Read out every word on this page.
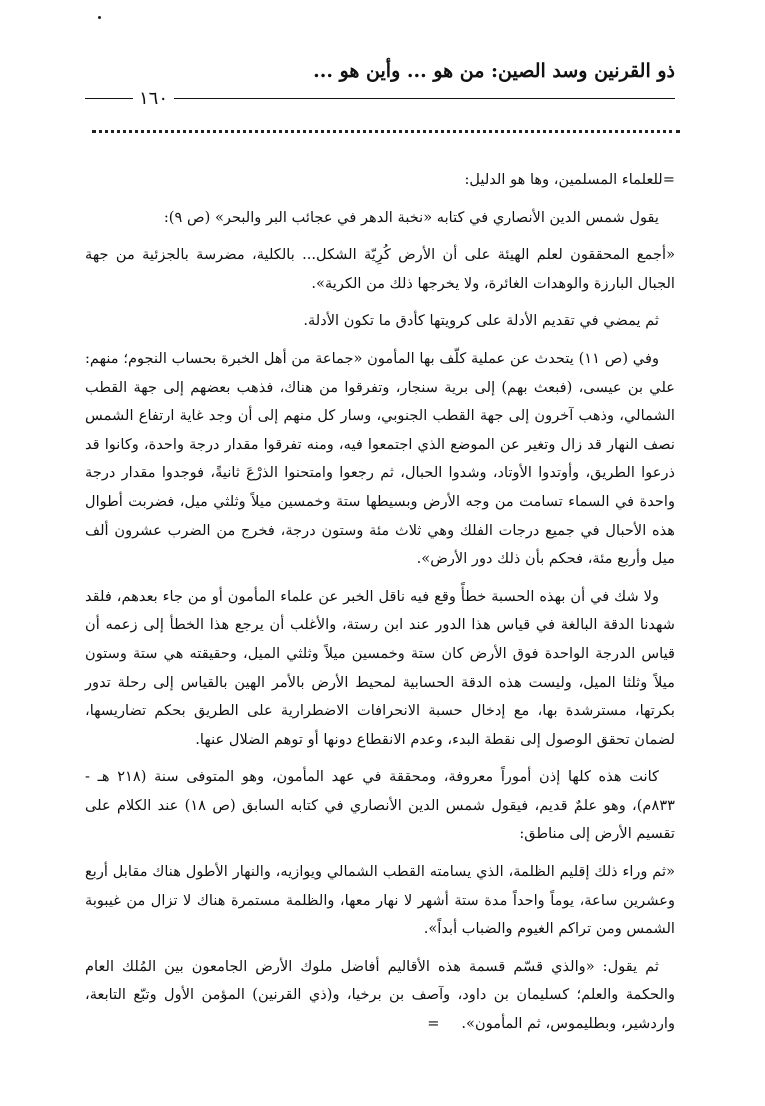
ذو القرنين وسد الصين: من هو ... وأين هو ...
١٦٠

=للعلماء المسلمين، وها هو الدليل:

يقول شمس الدين الأنصاري في كتابه «نخبة الدهر في عجائب البر والبحر» (ص ٩):

«أجمع المحققون لعلم الهيئة على أن الأرض كُرِيّة الشكل... بالكلية، مضرسة بالجزئية من جهة الجبال البارزة والوهدات الغائرة، ولا يخرجها ذلك من الكرية».

ثم يمضي في تقديم الأدلة على كرويتها كأدق ما تكون الأدلة.

وفي (ص ١١) يتحدث عن عملية كلّف بها المأمون «جماعة من أهل الخبرة بحساب النجوم؛ منهم: علي بن عيسى، (فبعث بهم) إلى برية سنجار، وتفرقوا من هناك، فذهب بعضهم إلى جهة القطب الشمالي، وذهب آخرون إلى جهة القطب الجنوبي، وسار كل منهم إلى أن وجد غاية ارتفاع الشمس نصف النهار قد زال وتغير عن الموضع الذي اجتمعوا فيه، ومنه تفرقوا مقدار درجة واحدة، وكانوا قد ذرعوا الطريق، وأوتدوا الأوتاد، وشدوا الحبال، ثم رجعوا وامتحنوا الذرْعَ ثانيةً، فوجدوا مقدار درجة واحدة في السماء تسامت من وجه الأرض وبسيطها ستة وخمسين ميلاً وثلثي ميل، فضربت أطوال هذه الأحبال في جميع درجات الفلك وهي ثلاث مئة وستون درجة، فخرج من الضرب عشرون ألف ميل وأربع مئة، فحكم بأن ذلك دور الأرض».

ولا شك في أن بهذه الحسبة خطأً وقع فيه ناقل الخبر عن علماء المأمون أو من جاء بعدهم، فلقد شهدنا الدقة البالغة في قياس هذا الدور عند ابن رستة، والأغلب أن يرجع هذا الخطأ إلى زعمه أن قياس الدرجة الواحدة فوق الأرض كان ستة وخمسين ميلاً وثلثي الميل، وحقيقته هي ستة وستون ميلاً وثلثا الميل، وليست هذه الدقة الحسابية لمحيط الأرض بالأمر الهين بالقياس إلى رحلة تدور بكرتها، مسترشدة بها، مع إدخال حسبة الانحرافات الاضطرارية على الطريق بحكم تضاريسها، لضمان تحقق الوصول إلى نقطة البدء، وعدم الانقطاع دونها أو توهم الضلال عنها.

كانت هذه كلها إذن أموراً معروفة، ومحققة في عهد المأمون، وهو المتوفى سنة (٢١٨ هـ - ٨٣٣م)، وهو علمٌ قديم، فيقول شمس الدين الأنصاري في كتابه السابق (ص ١٨) عند الكلام على تقسيم الأرض إلى مناطق:

«ثم وراء ذلك إقليم الظلمة، الذي يسامته القطب الشمالي ويوازيه، والنهار الأطول هناك مقابل أربع وعشرين ساعة، يوماً واحداً مدة ستة أشهر لا نهار معها، والظلمة مستمرة هناك لا تزال من غيبوبة الشمس ومن تراكم الغيوم والضباب أبداً».

ثم يقول: «والذي قسّم قسمة هذه الأقاليم أفاضل ملوك الأرض الجامعون بين المُلك العام والحكمة والعلم؛ كسليمان بن داود، وآصف بن برخيا، و(ذي القرنين) المؤمن الأول وتبّع التابعة، واردشير، وبطليموس، ثم المأمون».=
